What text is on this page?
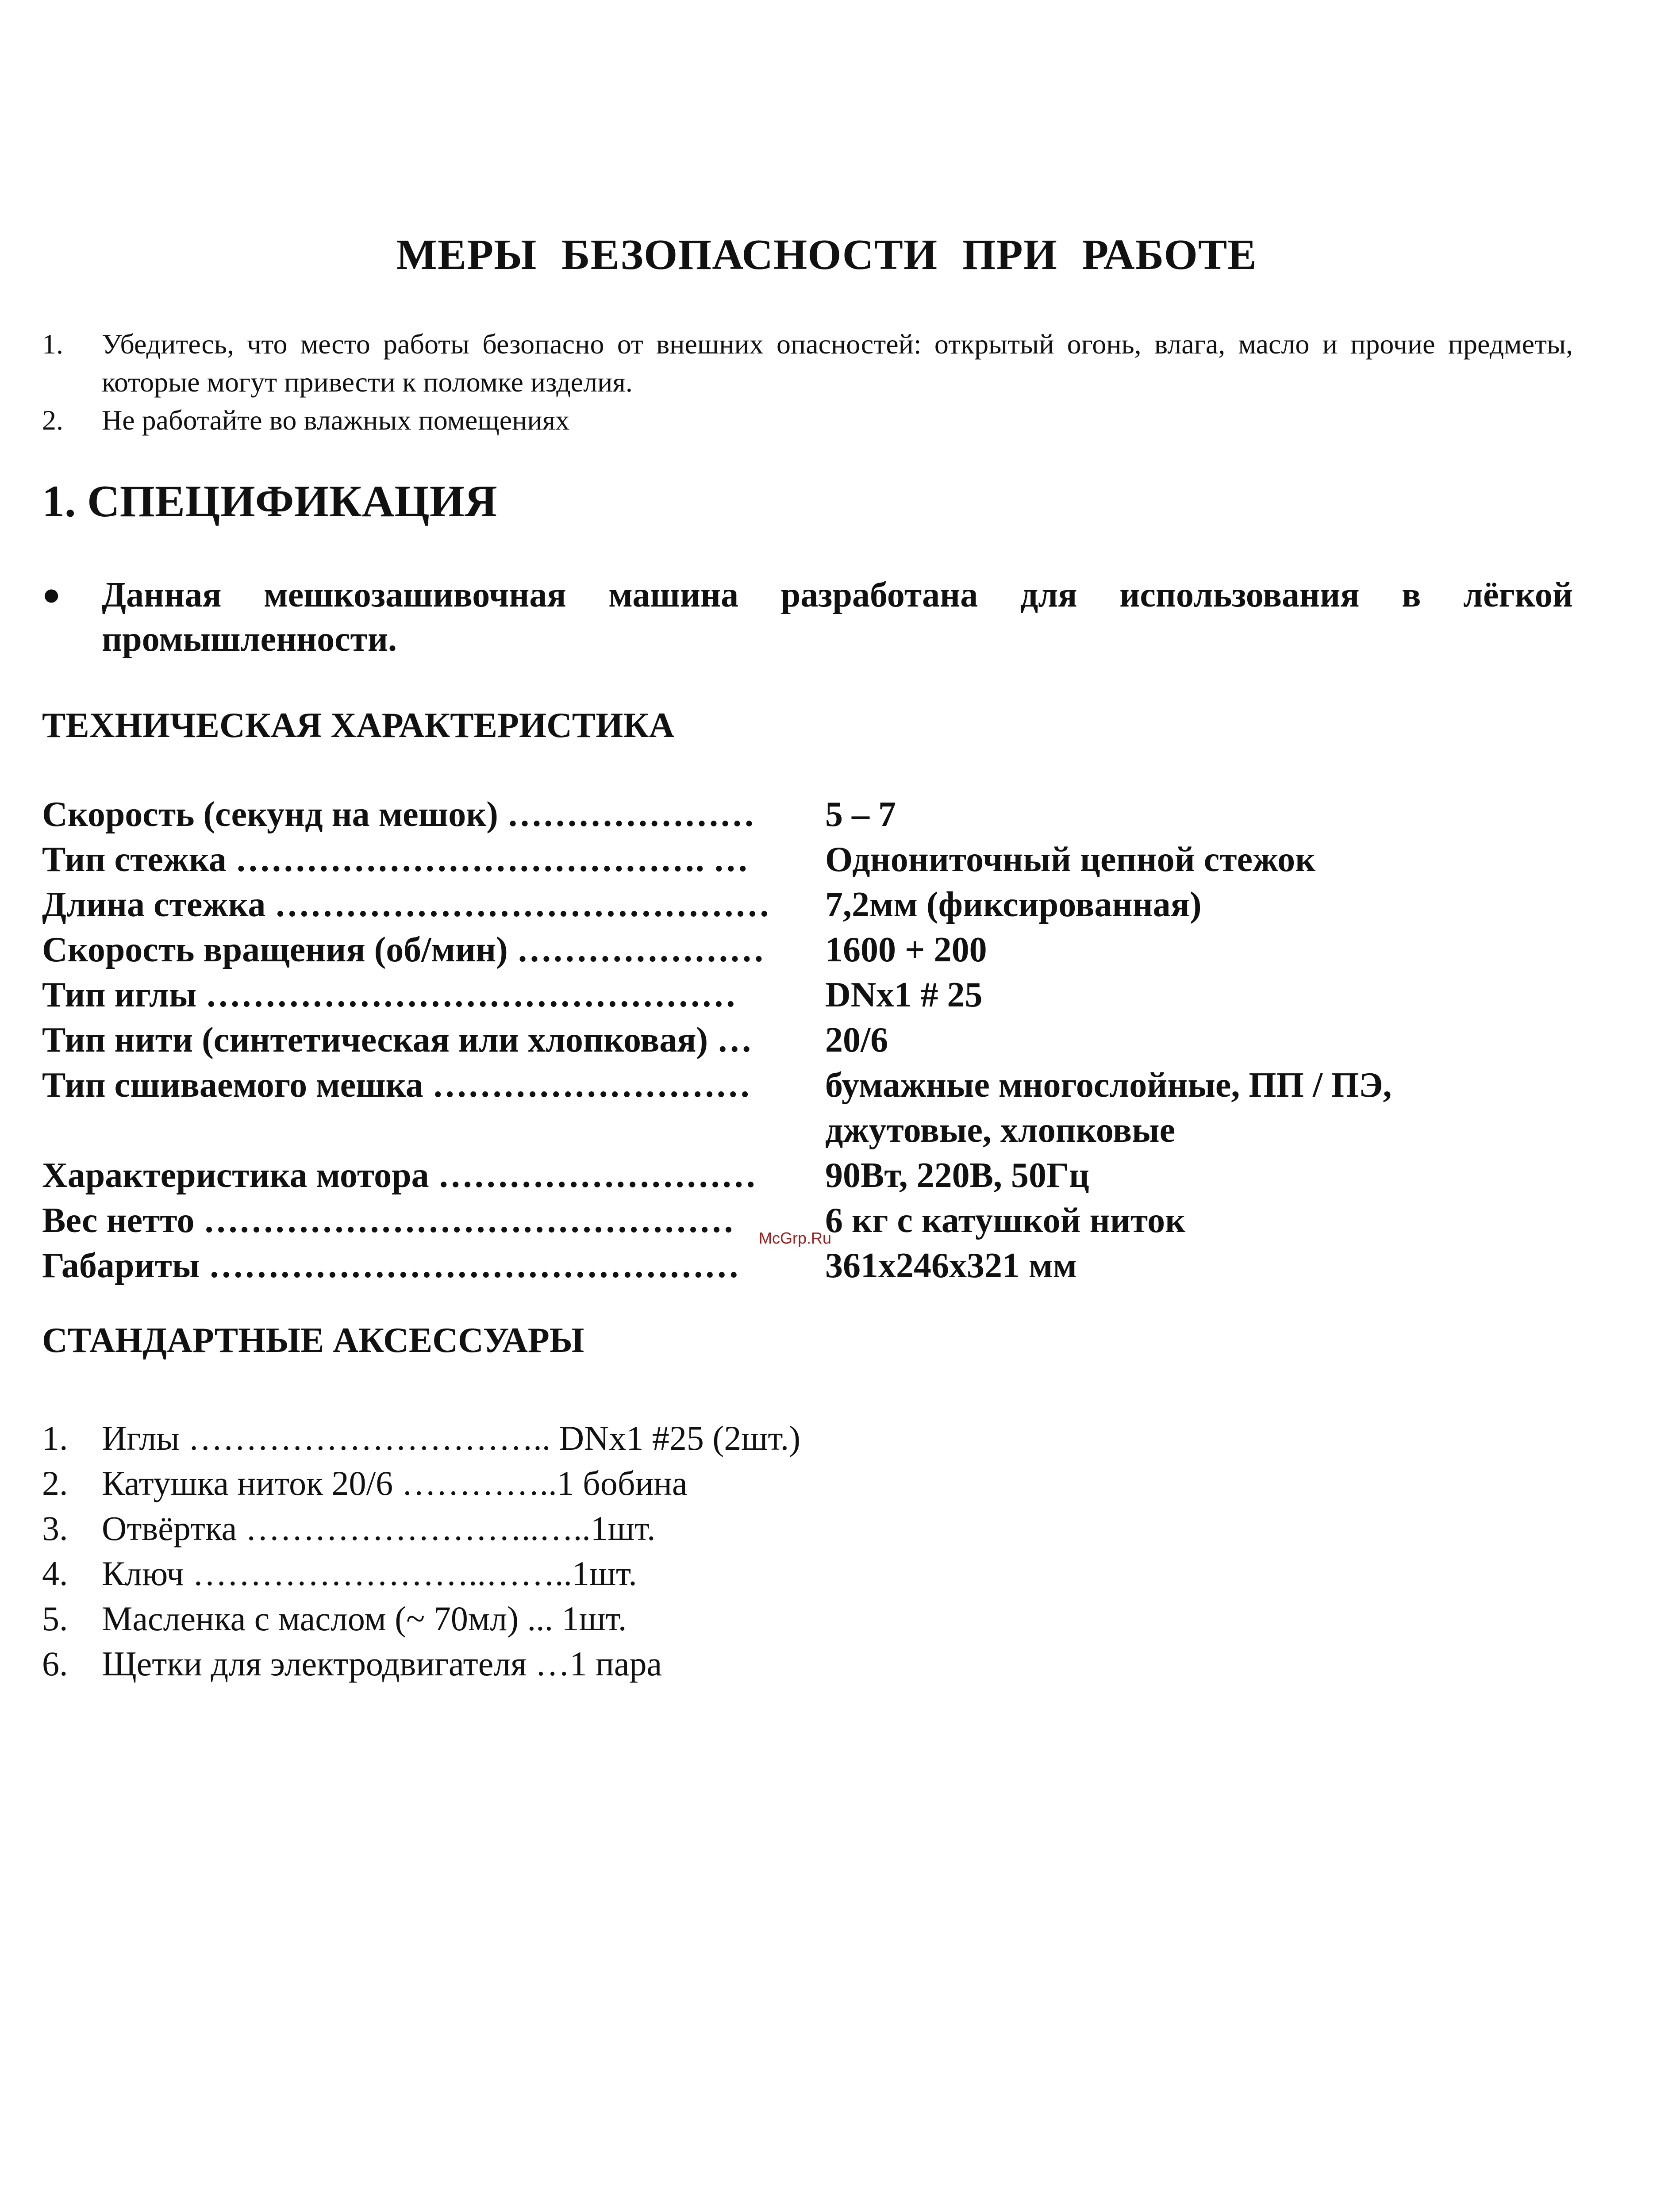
МЕРЫ БЕЗОПАСНОСТИ ПРИ РАБОТЕ
1.	Убедитесь, что место работы безопасно от внешних опасностей: открытый огонь, влага, масло и прочие предметы, которые могут привести к поломке изделия.
2.	Не работайте во влажных помещениях
1. СПЕЦИФИКАЦИЯ
●	Данная мешкозашивочная машина разработана для использования в лёгкой промышленности.
ТЕХНИЧЕСКАЯ ХАРАКТЕРИСТИКА
Скорость (секунд на мешок) …………………	5 – 7
Тип стежка …………………………………. …	Однониточный цепной стежок
Длина стежка ……………………………………	7,2мм (фиксированная)
Скорость вращения (об/мин) …………………	1600 + 200
Тип иглы ………………………………………	DNx1 # 25
Тип нити (синтетическая или хлопковая) …	20/6
Тип сшиваемого мешка ………………………	бумажные многослойные, ПП / ПЭ,
джутовые, хлопковые
Характеристика мотора ………………………	90Вт, 220В, 50Гц
Вес нетто ………………………………………	6 кг с катушкой ниток
Габариты ………………………………………	361х246х321 мм
McGrp.Ru
СТАНДАРТНЫЕ АКСЕССУАРЫ
1. Иглы ………………………….. DNx1 #25 (2шт.)
2. Катушка ниток 20/6 …………..1 бобина
3. Отвёртка ……………………..…..1шт.
4. Ключ ……………………..……..1шт.
5. Масленка с маслом (~ 70мл) ... 1шт.
6. Щетки для электродвигателя …1 пара
